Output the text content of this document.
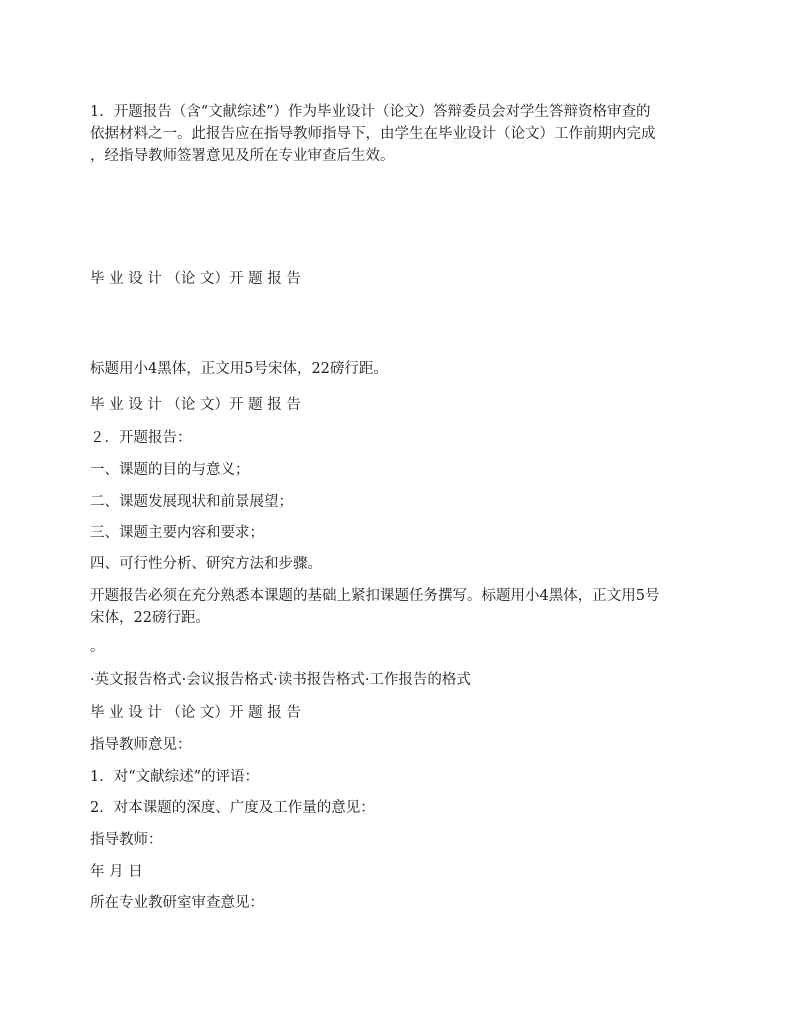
1．开题报告（含“文献综述”）作为毕业设计（论文）答辩委员会对学生答辩资格审查的
依据材料之一。此报告应在指导教师指导下，由学生在毕业设计（论文）工作前期内完成
，经指导教师签署意见及所在专业审查后生效。
毕 业 设 计 （论 文）开 题 报 告
标题用小4黑体，正文用5号宋体，22磅行距。
毕 业 设 计 （论 文）开 题 报 告
２．开题报告：
一、课题的目的与意义；
二、课题发展现状和前景展望；
三、课题主要内容和要求；
四、可行性分析、研究方法和步骤。
开题报告必须在充分熟悉本课题的基础上紧扣课题任务撰写。标题用小4黑体，正文用5号
宋体，22磅行距。
。
·英文报告格式·会议报告格式·读书报告格式·工作报告的格式
毕 业 设 计 （论 文）开 题 报 告
指导教师意见：
1．对“文献综述”的评语：
2．对本课题的深度、广度及工作量的意见：
指导教师：
年 月 日
所在专业教研室审查意见：
